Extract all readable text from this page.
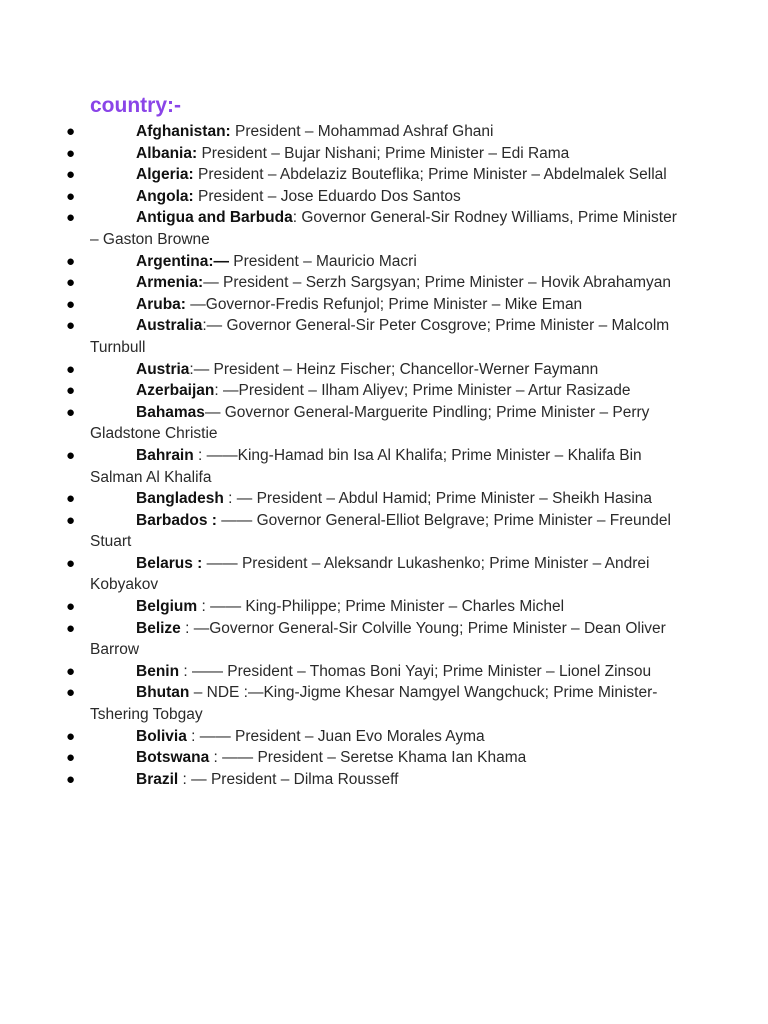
country:-
●	Afghanistan: President – Mohammad Ashraf Ghani
●	Albania: President – Bujar Nishani; Prime Minister – Edi Rama
●	Algeria: President – Abdelaziz Bouteflika; Prime Minister – Abdelmalek Sellal
●	Angola: President – Jose Eduardo Dos Santos
●	Antigua and Barbuda: Governor General-Sir Rodney Williams, Prime Minister – Gaston Browne
●	Argentina:— President – Mauricio Macri
●	Armenia:— President – Serzh Sargsyan; Prime Minister – Hovik Abrahamyan
●	Aruba: —Governor-Fredis Refunjol; Prime Minister – Mike Eman
●	Australia:— Governor General-Sir Peter Cosgrove; Prime Minister – Malcolm Turnbull
●	Austria:— President – Heinz Fischer; Chancellor-Werner Faymann
●	Azerbaijan: —President – Ilham Aliyev; Prime Minister – Artur Rasizade
●	Bahamas— Governor General-Marguerite Pindling; Prime Minister – Perry Gladstone Christie
●	Bahrain : ——King-Hamad bin Isa Al Khalifa; Prime Minister – Khalifa Bin Salman Al Khalifa
●	Bangladesh : — President – Abdul Hamid; Prime Minister – Sheikh Hasina
●	Barbados : —— Governor General-Elliot Belgrave; Prime Minister – Freundel Stuart
●	Belarus : —— President – Aleksandr Lukashenko; Prime Minister – Andrei Kobyakov
●	Belgium : —— King-Philippe; Prime Minister – Charles Michel
●	Belize : —Governor General-Sir Colville Young; Prime Minister – Dean Oliver Barrow
●	Benin : —— President – Thomas Boni Yayi; Prime Minister – Lionel Zinsou
●	Bhutan – NDE :—King-Jigme Khesar Namgyel Wangchuck; Prime Minister-Tshering Tobgay
●	Bolivia : —— President – Juan Evo Morales Ayma
●	Botswana : —— President – Seretse Khama Ian Khama
●	Brazil : — President – Dilma Rousseff
